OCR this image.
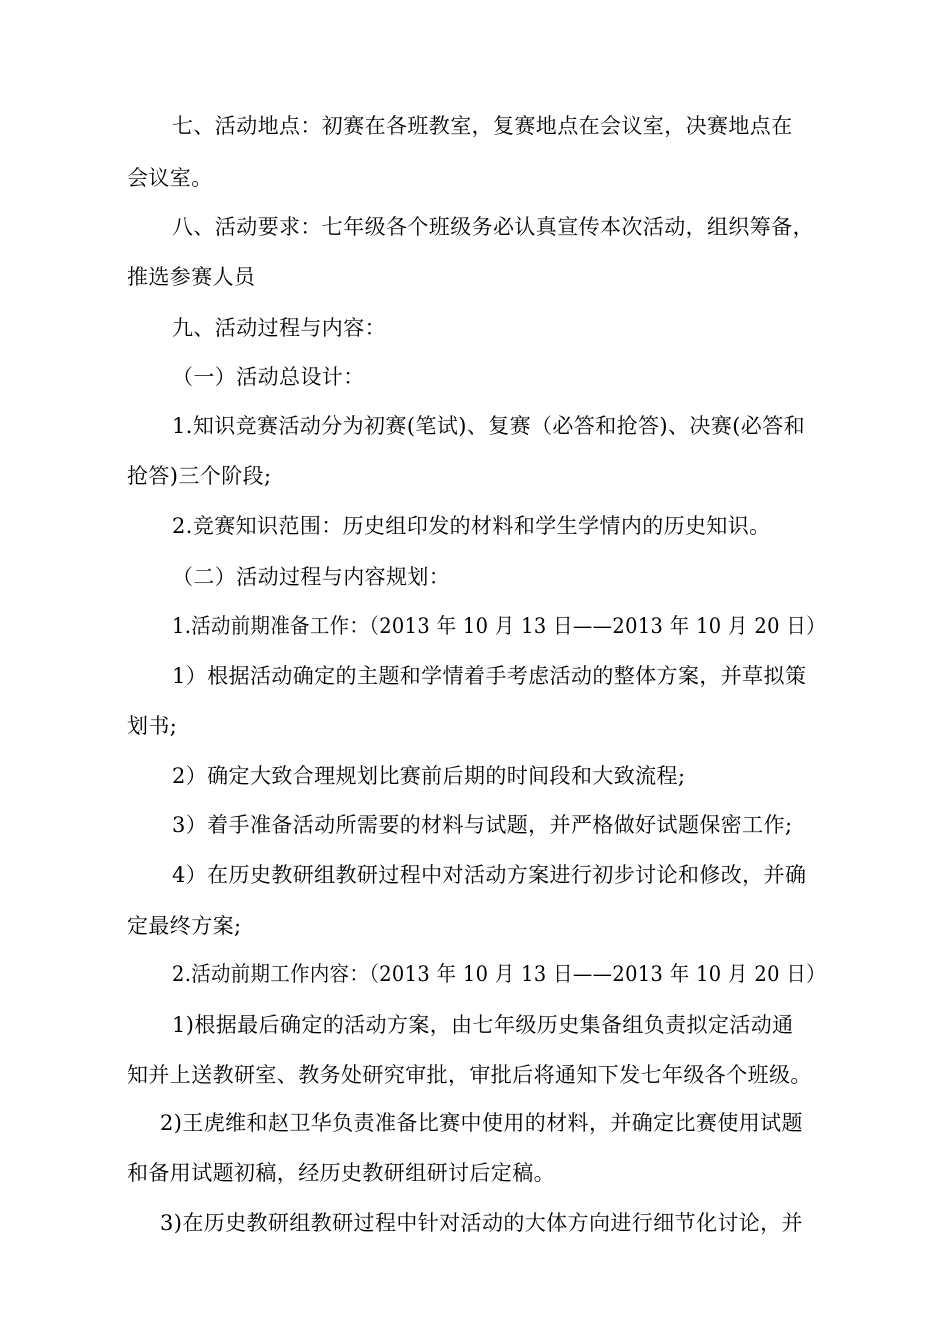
七、活动地点：初赛在各班教室，复赛地点在会议室，决赛地点在
会议室。
八、活动要求：七年级各个班级务必认真宣传本次活动，组织筹备，
推选参赛人员
九、活动过程与内容：
（一）活动总设计：
1.知识竞赛活动分为初赛(笔试)、复赛（必答和抢答)、决赛(必答和
抢答)三个阶段;
2.竞赛知识范围：历史组印发的材料和学生学情内的历史知识。
（二）活动过程与内容规划：
1.活动前期准备工作：（2013 年 10 月 13 日——2013 年 10 月 20 日）
1）根据活动确定的主题和学情着手考虑活动的整体方案，并草拟策
划书;
2）确定大致合理规划比赛前后期的时间段和大致流程;
3）着手准备活动所需要的材料与试题，并严格做好试题保密工作;
4）在历史教研组教研过程中对活动方案进行初步讨论和修改，并确
定最终方案;
2.活动前期工作内容：（2013 年 10 月 13 日——2013 年 10 月 20 日）
1)根据最后确定的活动方案，由七年级历史集备组负责拟定活动通
知并上送教研室、教务处研究审批，审批后将通知下发七年级各个班级。
2)王虎维和赵卫华负责准备比赛中使用的材料，并确定比赛使用试题
和备用试题初稿，经历史教研组研讨后定稿。
3)在历史教研组教研过程中针对活动的大体方向进行细节化讨论，并
